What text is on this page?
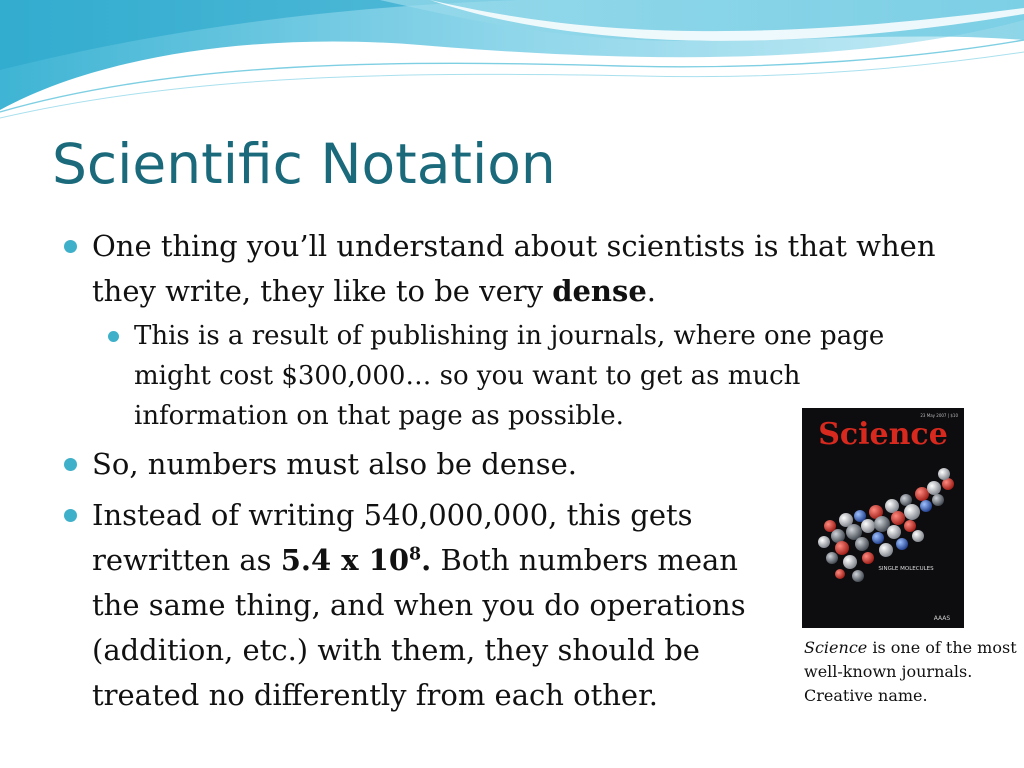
Scientific Notation
One thing you’ll understand about scientists is that when they write, they like to be very dense.
This is a result of publishing in journals, where one page might cost $300,000… so you want to get as much information on that page as possible.
So, numbers must also be dense.
Instead of writing 540,000,000, this gets rewritten as 5.4 x $10^8$. Both numbers mean the same thing, and when you do operations (addition, etc.) with them, they should be treated no differently from each other.
23 May 2007 | $10
Science
SINGLE MOLECULES
AAAS
Science is one of the most well-known journals. Creative name.
